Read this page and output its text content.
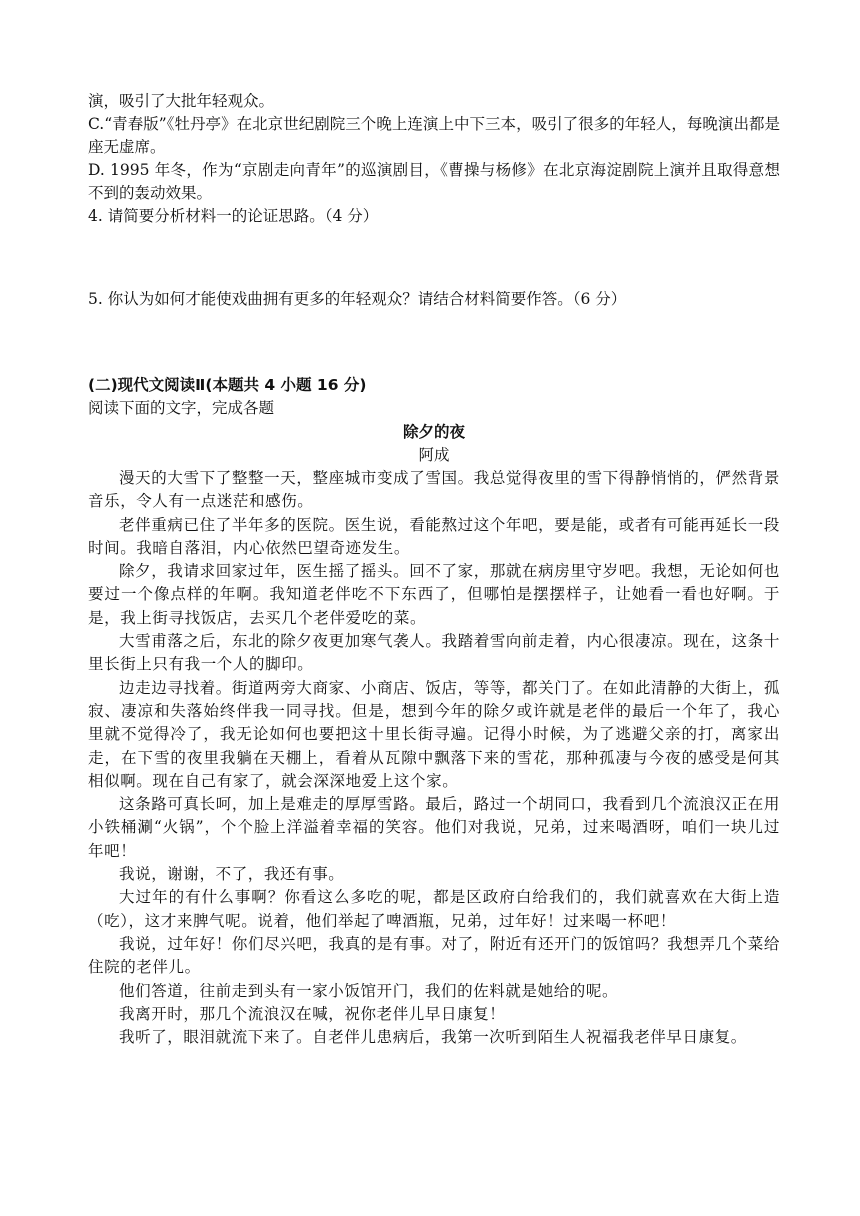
演，吸引了大批年轻观众。

C.“青春版”《牡丹亭》在北京世纪剧院三个晚上连演上中下三本，吸引了很多的年轻人，每晚演出都是座无虚席。

D. 1995 年冬，作为“京剧走向青年”的巡演剧目，《曹操与杨修》在北京海淀剧院上演并且取得意想不到的轰动效果。

4. 请简要分析材料一的论证思路。（4 分）

5. 你认为如何才能使戏曲拥有更多的年轻观众？请结合材料简要作答。（6 分）

(二)现代文阅读Ⅱ(本题共 4 小题 16 分)

阅读下面的文字，完成各题

除夕的夜

阿成

漫天的大雪下了整整一天，整座城市变成了雪国。我总觉得夜里的雪下得静悄悄的，俨然背景音乐，令人有一点迷茫和感伤。

老伴重病已住了半年多的医院。医生说，看能熬过这个年吧，要是能，或者有可能再延长一段时间。我暗自落泪，内心依然巴望奇迹发生。

除夕，我请求回家过年，医生摇了摇头。回不了家，那就在病房里守岁吧。我想，无论如何也要过一个像点样的年啊。我知道老伴吃不下东西了，但哪怕是摆摆样子，让她看一看也好啊。于是，我上街寻找饭店，去买几个老伴爱吃的菜。

大雪甫落之后，东北的除夕夜更加寒气袭人。我踏着雪向前走着，内心很凄凉。现在，这条十里长街上只有我一个人的脚印。

边走边寻找着。街道两旁大商家、小商店、饭店，等等，都关门了。在如此清静的大街上，孤寂、凄凉和失落始终伴我一同寻找。但是，想到今年的除夕或许就是老伴的最后一个年了，我心里就不觉得冷了，我无论如何也要把这十里长街寻遍。记得小时候，为了逃避父亲的打，离家出走，在下雪的夜里我躺在天棚上，看着从瓦隙中飘落下来的雪花，那种孤凄与今夜的感受是何其相似啊。现在自己有家了，就会深深地爱上这个家。

这条路可真长呵，加上是难走的厚厚雪路。最后，路过一个胡同口，我看到几个流浪汉正在用小铁桶涮“火锅”，个个脸上洋溢着幸福的笑容。他们对我说，兄弟，过来喝酒呀，咱们一块儿过年吧！

我说，谢谢，不了，我还有事。

大过年的有什么事啊？你看这么多吃的呢，都是区政府白给我们的，我们就喜欢在大街上造（吃），这才来脾气呢。说着，他们举起了啤酒瓶，兄弟，过年好！过来喝一杯吧！

我说，过年好！你们尽兴吧，我真的是有事。对了，附近有还开门的饭馆吗？我想弄几个菜给住院的老伴儿。

他们答道，往前走到头有一家小饭馆开门，我们的佐料就是她给的呢。

我离开时，那几个流浪汉在喊，祝你老伴儿早日康复！

我听了，眼泪就流下来了。自老伴儿患病后，我第一次听到陌生人祝福我老伴早日康复。
